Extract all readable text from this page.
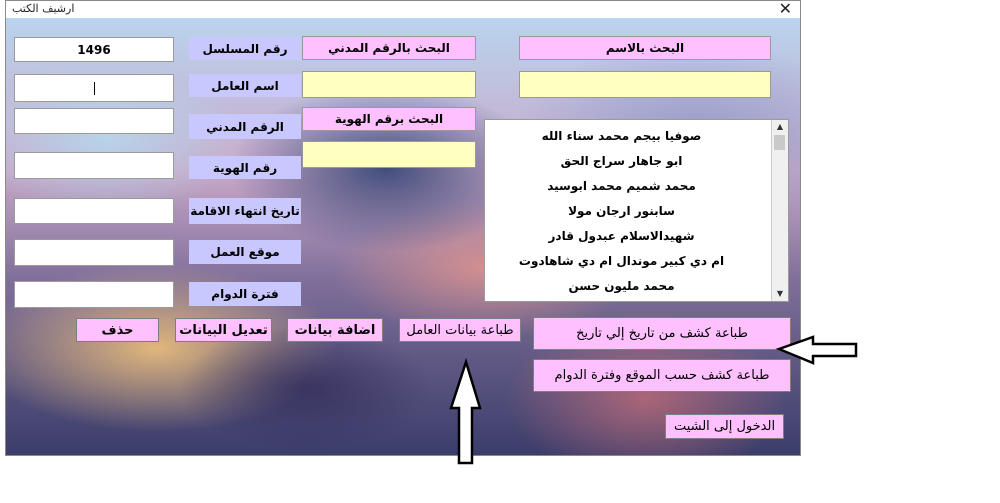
ارشيف الكتب	✕
1496	رقم المسلسل
اسم العامل
الرقم المدني
رقم الهوية
تاريخ انتهاء الاقامة
موقع العمل
فترة الدوام
البحث بالرقم المدني
البحث برقم الهوية
البحث بالاسم
صوفيا بيجم محمد سناء الله
ابو جاهار سراج الحق
محمد شميم محمد ابوسيد
سابنور ارجان مولا
شهيدالاسلام عبدول قادر
ام دي كبير موندال ام دي شاهادوت
محمد مليون حسن
▲
▼
حذف	تعديل البيانات	اضافة بيانات	طباعة بيانات العامل	طباعة كشف من تاريخ إلي تاريخ
طباعة كشف حسب الموقع وفترة الدوام
الدخول إلى الشيت
